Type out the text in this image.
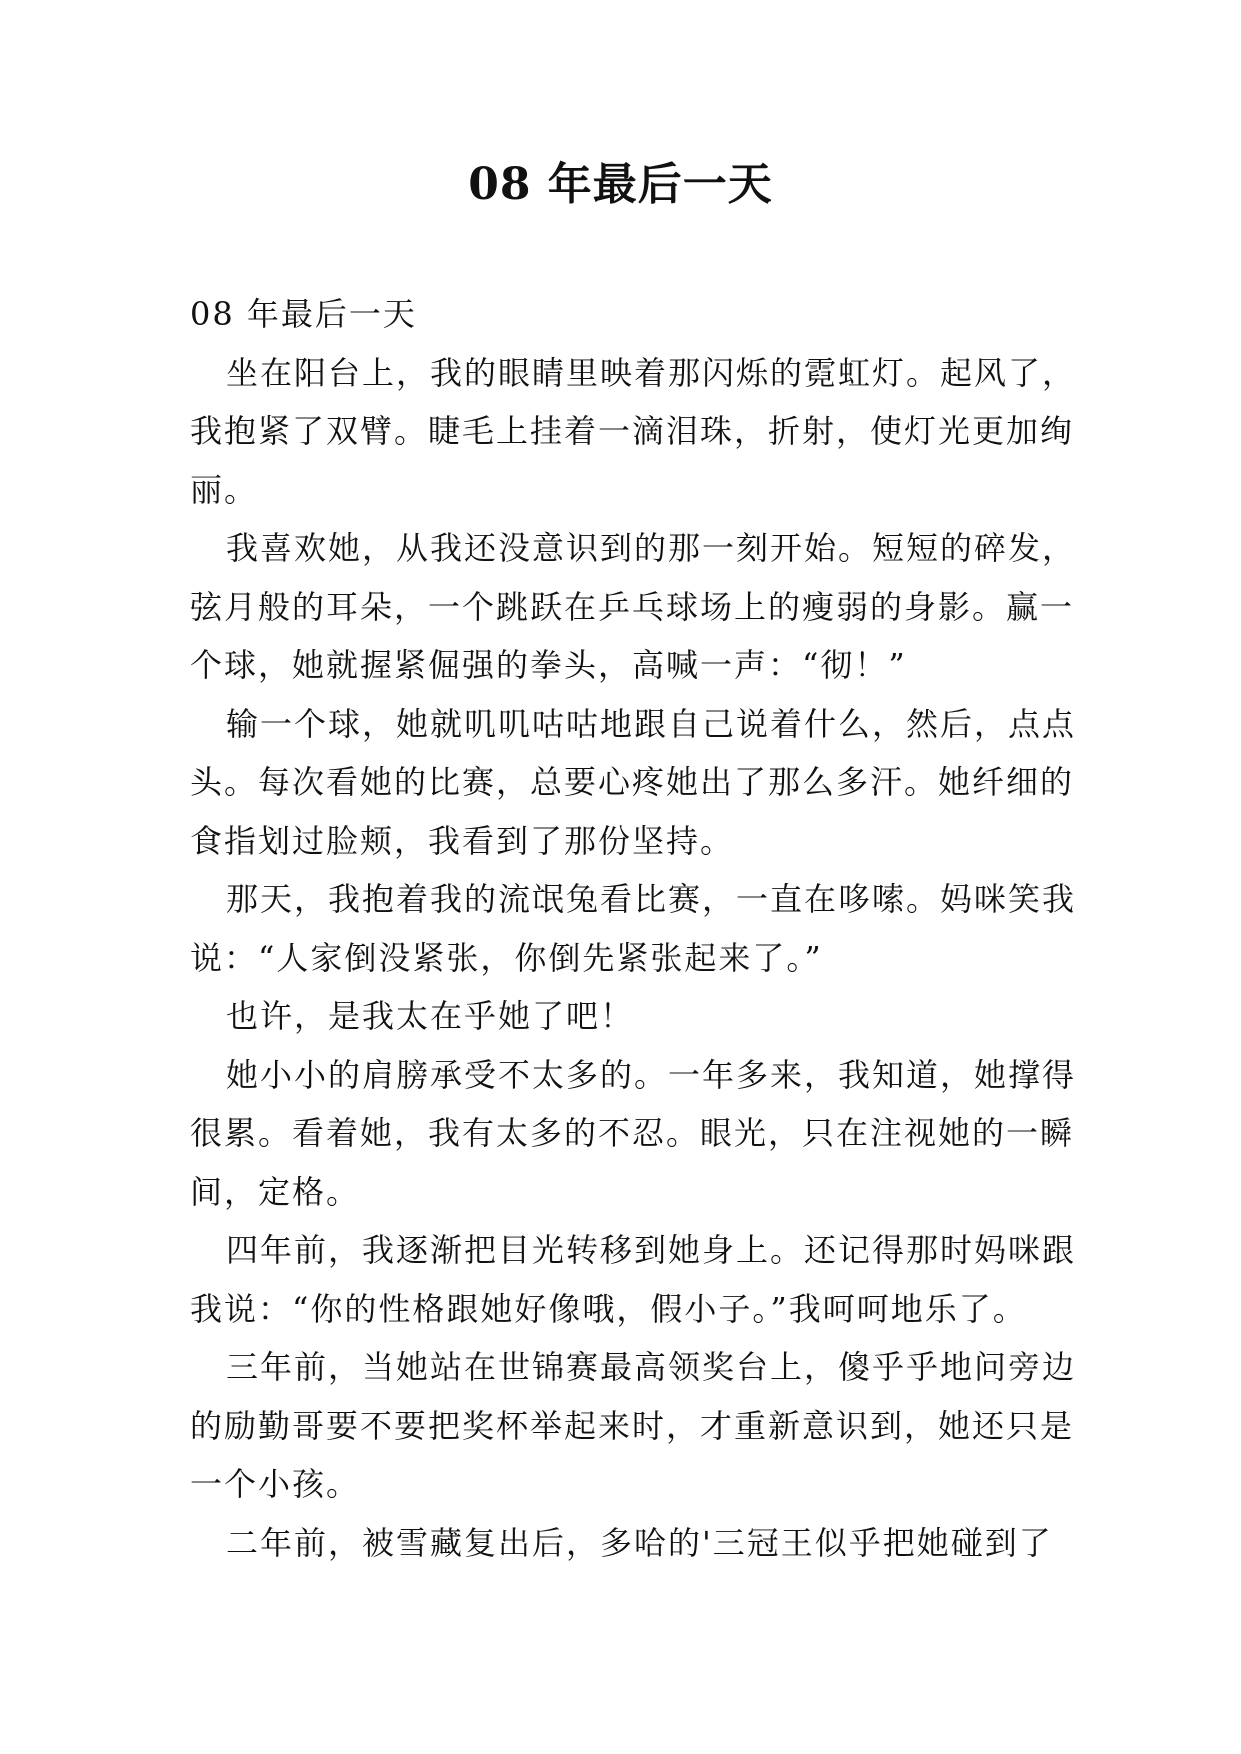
08 年最后一天
08 年最后一天
坐在阳台上，我的眼睛里映着那闪烁的霓虹灯。起风了，
我抱紧了双臂。睫毛上挂着一滴泪珠，折射，使灯光更加绚
丽。
我喜欢她，从我还没意识到的那一刻开始。短短的碎发，
弦月般的耳朵，一个跳跃在乒乓球场上的瘦弱的身影。赢一
个球，她就握紧倔强的拳头，高喊一声：“彻！”
输一个球，她就叽叽咕咕地跟自己说着什么，然后，点点
头。每次看她的比赛，总要心疼她出了那么多汗。她纤细的
食指划过脸颊，我看到了那份坚持。
那天，我抱着我的流氓兔看比赛，一直在哆嗦。妈咪笑我
说：“人家倒没紧张，你倒先紧张起来了。”
也许，是我太在乎她了吧！
她小小的肩膀承受不太多的。一年多来，我知道，她撑得
很累。看着她，我有太多的不忍。眼光，只在注视她的一瞬
间，定格。
四年前，我逐渐把目光转移到她身上。还记得那时妈咪跟
我说：“你的性格跟她好像哦，假小子。”我呵呵地乐了。
三年前，当她站在世锦赛最高领奖台上，傻乎乎地问旁边
的励勤哥要不要把奖杯举起来时，才重新意识到，她还只是
一个小孩。
二年前，被雪藏复出后，多哈的'三冠王似乎把她碰到了
